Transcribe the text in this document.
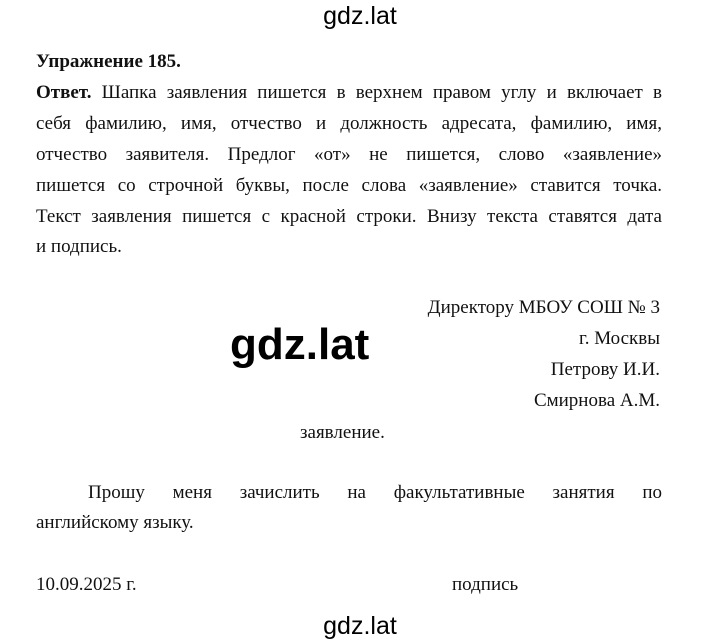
gdz.lat
Упражнение 185.
Ответ. Шапка заявления пишется в верхнем правом углу и включает в
себя фамилию, имя, отчество и должность адресата, фамилию, имя,
отчество заявителя. Предлог «от» не пишется, слово «заявление»
пишется со строчной буквы, после слова «заявление» ставится точка.
Текст заявления пишется с красной строки. Внизу текста ставятся дата
и подпись.
Директору МБОУ СОШ № 3
г. Москвы
Петрову И.И.
Смирнова А.М.
gdz.lat
заявление.
Прошу меня зачислить на факультативные занятия по
английскому языку.
10.09.2025 г.	подпись
gdz.lat
